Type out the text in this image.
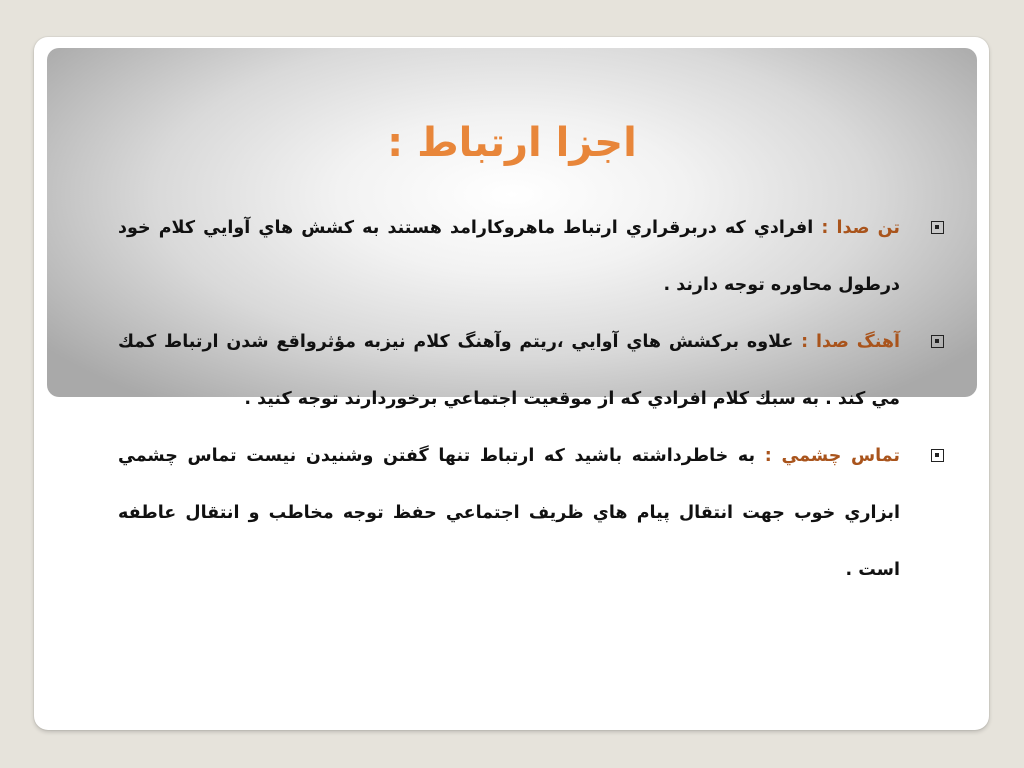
اجزا ارتباط :
تن صدا : افرادي كه دربرقراري ارتباط ماهروكارامد هستند به كشش هاي آوايي كلام خود درطول محاوره توجه دارند .
آهنگ صدا : علاوه بركشش هاي آوايي ،ريتم وآهنگ كلام نيزبه مؤثرواقع شدن ارتباط كمك مي كند . به سبك كلام افرادي كه از موقعيت اجتماعي برخوردارند توجه كنيد .
تماس چشمي : به خاطرداشته باشيد كه ارتباط تنها گفتن وشنيدن نيست تماس چشمي ابزاري خوب جهت انتقال پيام هاي ظريف اجتماعي حفظ توجه مخاطب و انتقال عاطفه است .
